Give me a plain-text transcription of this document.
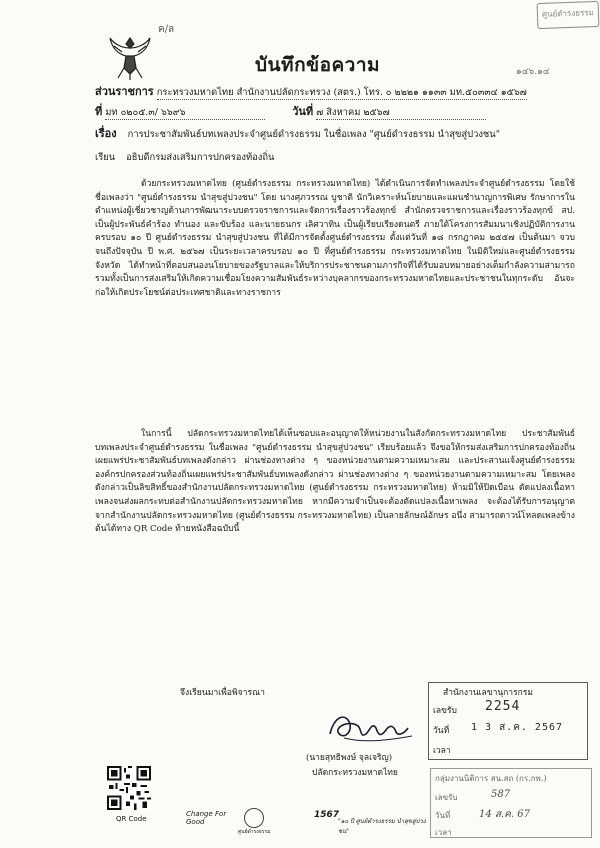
ค/ล
ศูนย์ดำรงธรรม
๑๔๖.๑๔
บันทึกข้อความ
ส่วนราชการ กระทรวงมหาดไทย สำนักงานปลัดกระทรวง (สตร.) โทร. ๐ ๒๒๒๑ ๑๑๓๓ มท.๕๐๓๓๔ ๑๕๖๗
ที่ มท ๐๒๐๕.๓/ ๖๖๙๖	วันที่ ๗ สิงหาคม ๒๕๖๗
เรื่อง การประชาสัมพันธ์บทเพลงประจำศูนย์ดำรงธรรม ในชื่อเพลง "ศูนย์ดำรงธรรม นำสุขสู่ปวงชน"
เรียน อธิบดีกรมส่งเสริมการปกครองท้องถิ่น

ด้วยกระทรวงมหาดไทย (ศูนย์ดำรงธรรม กระทรวงมหาดไทย) ได้ดำเนินการจัดทำเพลงประจำศูนย์ดำรงธรรม โดยใช้ชื่อเพลงว่า "ศูนย์ดำรงธรรม นำสุขสู่ปวงชน" โดย นางศุภวรรณ บูชาติ นักวิเคราะห์นโยบายและแผนชำนาญการพิเศษ รักษาการในตำแหน่งผู้เชี่ยวชาญด้านการพัฒนาระบบตรวจราชการและจัดการเรื่องราวร้องทุกข์ สำนักตรวจราชการและเรื่องราวร้องทุกข์ สป. เป็นผู้ประพันธ์คำร้อง ทำนอง และขับร้อง และนายธนกร เลิศวาทิน เป็นผู้เรียบเรียงดนตรี ภายใต้โครงการสัมมนาเชิงปฏิบัติการงานครบรอบ ๑๐ ปี ศูนย์ดำรงธรรม นำสุขสู่ปวงชน ที่ได้มีการจัดตั้งศูนย์ดำรงธรรม ตั้งแต่วันที่ ๑๘ กรกฎาคม ๒๕๕๗ เป็นต้นมา จวบจนถึงปัจจุบัน ปี พ.ศ. ๒๕๖๗ เป็นระยะเวลาครบรอบ ๑๐ ปี ที่ศูนย์ดำรงธรรม กระทรวงมหาดไทย ในมิติใหม่และศูนย์ดำรงธรรมจังหวัด ได้ทำหน้าที่ตอบสนองนโยบายของรัฐบาลและให้บริการประชาชนตามภารกิจที่ได้รับมอบหมายอย่างเต็มกำลังความสามารถ รวมทั้งเป็นการส่งเสริมให้เกิดความเชื่อมโยงความสัมพันธ์ระหว่างบุคลากรของกระทรวงมหาดไทยและประชาชนในทุกระดับ อันจะก่อให้เกิดประโยชน์ต่อประเทศชาติและทางราชการ

ในการนี้ ปลัดกระทรวงมหาดไทยได้เห็นชอบและอนุญาตให้หน่วยงานในสังกัดกระทรวงมหาดไทย ประชาสัมพันธ์บทเพลงประจำศูนย์ดำรงธรรม ในชื่อเพลง "ศูนย์ดำรงธรรม นำสุขสู่ปวงชน" เรียบร้อยแล้ว จึงขอให้กรมส่งเสริมการปกครองท้องถิ่นเผยแพร่ประชาสัมพันธ์บทเพลงดังกล่าว ผ่านช่องทางต่าง ๆ ของหน่วยงานตามความเหมาะสม และประสานแจ้งศูนย์ดำรงธรรม องค์กรปกครองส่วนท้องถิ่นเผยแพร่ประชาสัมพันธ์บทเพลงดังกล่าว ผ่านช่องทางต่าง ๆ ของหน่วยงานตามความเหมาะสม โดยเพลงดังกล่าวเป็นลิขสิทธิ์ของสำนักงานปลัดกระทรวงมหาดไทย (ศูนย์ดำรงธรรม กระทรวงมหาดไทย) ห้ามมิให้ปิดเบือน ตัดแปลงเนื้อหาเพลงจนส่งผลกระทบต่อสำนักงานปลัดกระทรวงมหาดไทย หากมีความจำเป็นจะต้องตัดแปลงเนื้อหาเพลง จะต้องได้รับการอนุญาตจากสำนักงานปลัดกระทรวงมหาดไทย (ศูนย์ดำรงธรรม กระทรวงมหาดไทย) เป็นลายลักษณ์อักษร อนึ่ง สามารถดาวน์โหลดเพลงข้างต้นได้ทาง QR Code ท้ายหนังสือฉบับนี้

จึงเรียนมาเพื่อพิจารณา
(นายสุทธิพงษ์ จุลเจริญ)
ปลัดกระทรวงมหาดไทย
สำนักงานเลขานุการกรม
เลขรับ 2254
วันที่ 1 3 ส.ค. 2567
เวลา
กลุ่มงานนิติการ สน.สถ (กร.กพ.)
เลขรับ	587
วันที่	14 ส.ค. 67
เวลา
QR Code
Change For Good
ศูนย์ดำรงธรรม
1567
"๑๐ ปี ศูนย์ดำรงธรรม นำสุขสู่ปวงชน"
